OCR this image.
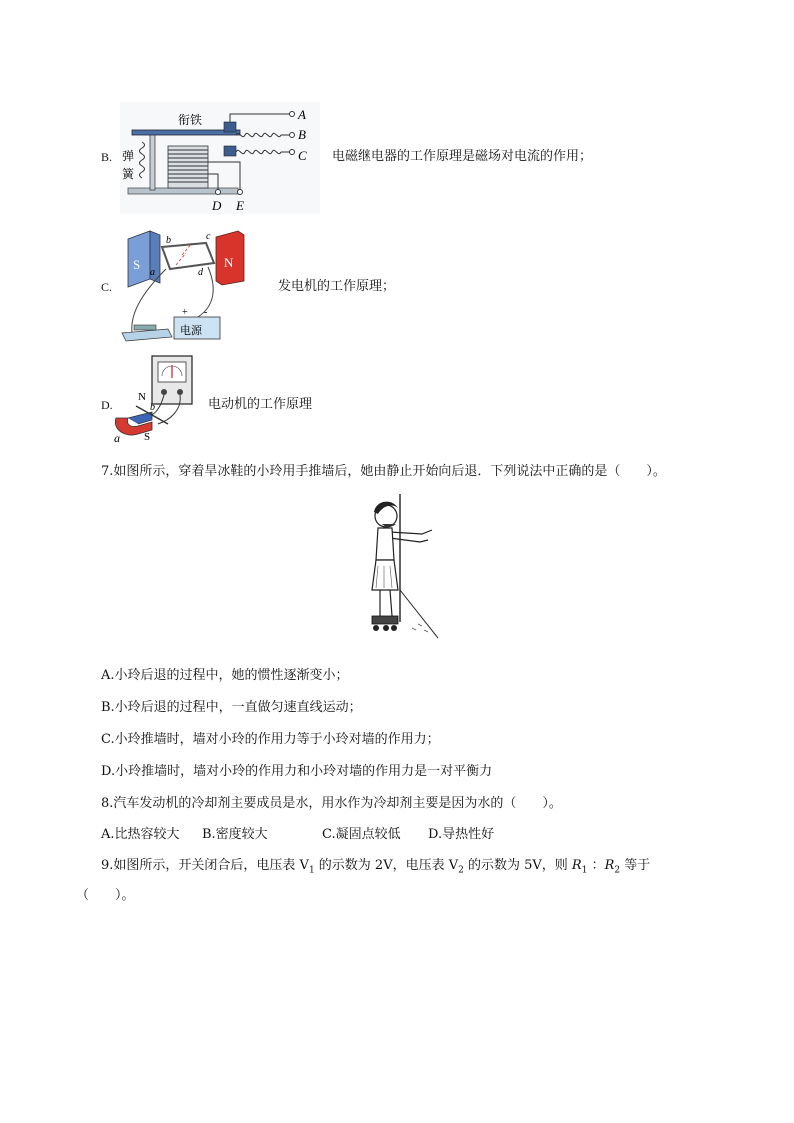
B. 弹
簧
衔铁	A
B
C
D E
电磁继电器的工作原理是磁场对电流的作用；
C.
S	N
b	c
a	d
+ -
电源
发电机的工作原理；
D.
N
b
S
a
电动机的工作原理
7.如图所示，穿着旱冰鞋的小玲用手推墙后，她由静止开始向后退．下列说法中正确的是（　　）。
A.小玲后退的过程中，她的惯性逐渐变小；
B.小玲后退的过程中，一直做匀速直线运动；
C.小玲推墙时，墙对小玲的作用力等于小玲对墙的作用力；
D.小玲推墙时，墙对小玲的作用力和小玲对墙的作用力是一对平衡力
8.汽车发动机的冷却剂主要成员是水，用水作为冷却剂主要是因为水的（　　）。
A.比热容较大 B.密度较大	C.凝固点较低 D.导热性好
9.如图所示，开关闭合后，电压表 $V_1$ 的示数为 2V，电压表 $V_2$ 的示数为 5V，则 $R_1$ ：$R_2$ 等于
（　　）。
